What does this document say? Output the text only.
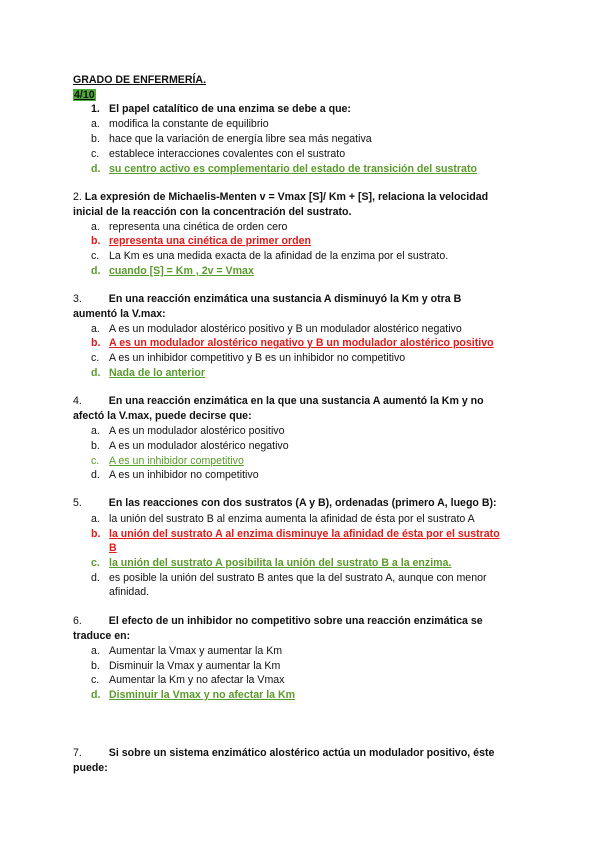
GRADO DE ENFERMERÍA.
4/10
1. El papel catalítico de una enzima se debe a que:
a. modifica la constante de equilibrio
b. hace que la variación de energía libre sea más negativa
c. establece interacciones covalentes con el sustrato
d. su centro activo es complementario del estado de transición del sustrato
2. La expresión de Michaelis-Menten v = Vmax [S]/ Km + [S], relaciona la velocidad
inicial de la reacción con la concentración del sustrato.
a. representa una cinética de orden cero
b. representa una cinética de primer orden
c. La Km es una medida exacta de la afinidad de la enzima por el sustrato.
d. cuando [S] = Km , 2v = Vmax
3.	En una reacción enzimática una sustancia A disminuyó la Km y otra B
aumentó la V.max:
a. A es un modulador alostérico positivo y B un modulador alostérico negativo
b. A es un modulador alostérico negativo y B un modulador alostérico positivo
c. A es un inhibidor competitivo y B es un inhibidor no competitivo
d. Nada de lo anterior
4.	En una reacción enzimática en la que una sustancia A aumentó la Km y no
afectó la V.max, puede decirse que:
a. A es un modulador alostérico positivo
b. A es un modulador alostérico negativo
c. A es un inhibidor competitivo
d. A es un inhibidor no competitivo
5.	En las reacciones con dos sustratos (A y B), ordenadas (primero A, luego B):
a. la unión del sustrato B al enzima aumenta la afinidad de ésta por el sustrato A
b. la unión del sustrato A al enzima disminuye la afinidad de ésta por el sustrato
B
c. la unión del sustrato A posibilita la unión del sustrato B a la enzima.
d. es posible la unión del sustrato B antes que la del sustrato A, aunque con menor
afinidad.
6.	El efecto de un inhibidor no competitivo sobre una reacción enzimática se
traduce en:
a. Aumentar la Vmax y aumentar la Km
b. Disminuir la Vmax y aumentar la Km
c. Aumentar la Km y no afectar la Vmax
d. Disminuir la Vmax y no afectar la Km
7.	Si sobre un sistema enzimático alostérico actúa un modulador positivo, éste
puede:
